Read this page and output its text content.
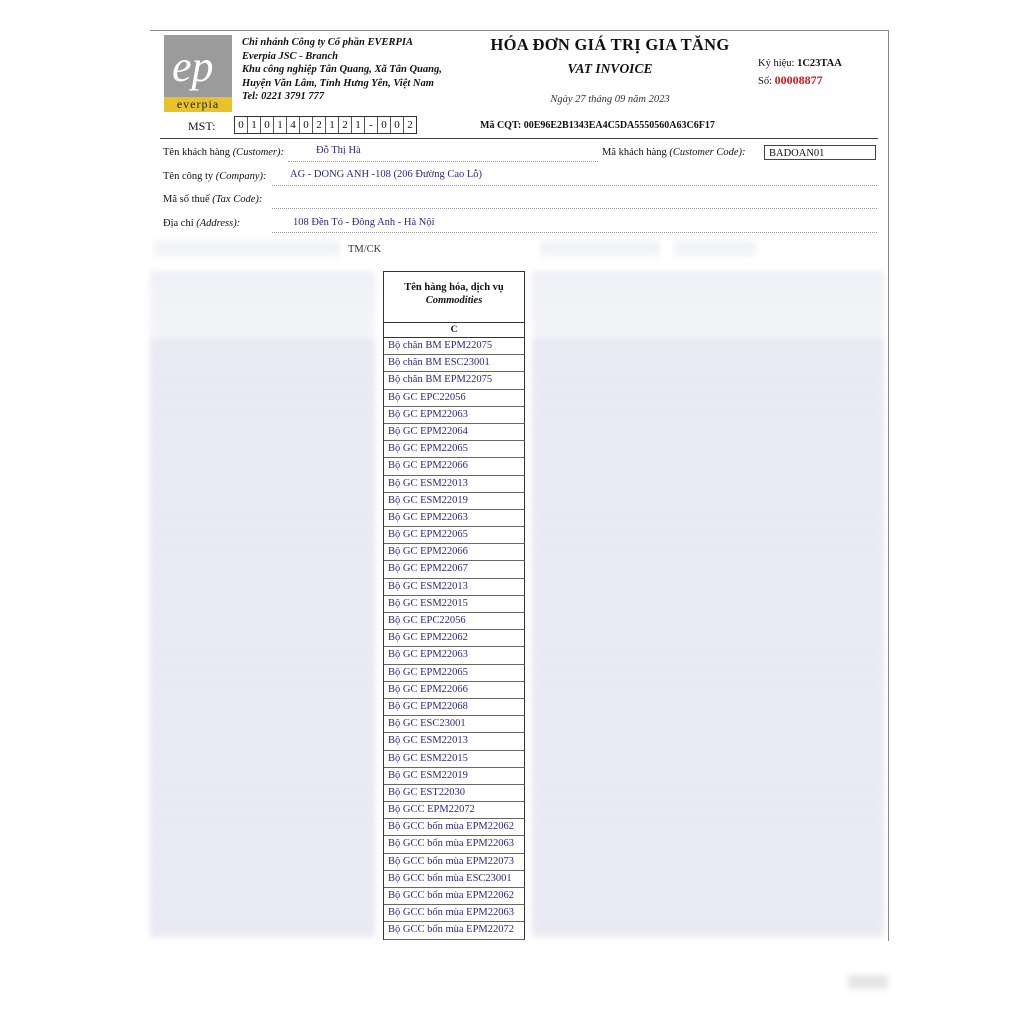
ep
everpia
Chi nhánh Công ty Cổ phần EVERPIA
Everpia JSC - Branch
Khu công nghiệp Tân Quang, Xã Tân Quang,
Huyện Văn Lâm, Tỉnh Hưng Yên, Việt Nam
Tel: 0221 3791 777
HÓA ĐƠN GIÁ TRỊ GIA TĂNG
VAT INVOICE
Ngày 27 tháng 09 năm 2023
Ký hiệu: 1C23TAA
Số: 00008877
MST: 0 1 0 1 4 0 2 1 2 1 - 0 0 2	Mã CQT: 00E96E2B1343EA4C5DA5550560A63C6F17
Tên khách hàng (Customer):	Đỗ Thị Hà	Mã khách hàng (Customer Code):	BADOAN01
Tên công ty (Company): AG - DONG ANH -108 (206 Đường Cao Lỗ)
Mã số thuế (Tax Code):
Địa chỉ (Address):	108 Đền Tó - Đông Anh - Hà Nội
TM/CK
Tên hàng hóa, dịch vụ
Commodities
C
Bộ chăn BM EPM22075
Bộ chăn BM ESC23001
Bộ chăn BM EPM22075
Bộ GC EPC22056
Bộ GC EPM22063
Bộ GC EPM22064
Bộ GC EPM22065
Bộ GC EPM22066
Bộ GC ESM22013
Bộ GC ESM22019
Bộ GC EPM22063
Bộ GC EPM22065
Bộ GC EPM22066
Bộ GC EPM22067
Bộ GC ESM22013
Bộ GC ESM22015
Bộ GC EPC22056
Bộ GC EPM22062
Bộ GC EPM22063
Bộ GC EPM22065
Bộ GC EPM22066
Bộ GC EPM22068
Bộ GC ESC23001
Bộ GC ESM22013
Bộ GC ESM22015
Bộ GC ESM22019
Bộ GC EST22030
Bộ GCC EPM22072
Bộ GCC bốn mùa EPM22062
Bộ GCC bốn mùa EPM22063
Bộ GCC bốn mùa EPM22073
Bộ GCC bốn mùa ESC23001
Bộ GCC bốn mùa EPM22062
Bộ GCC bốn mùa EPM22063
Bộ GCC bốn mùa EPM22072
